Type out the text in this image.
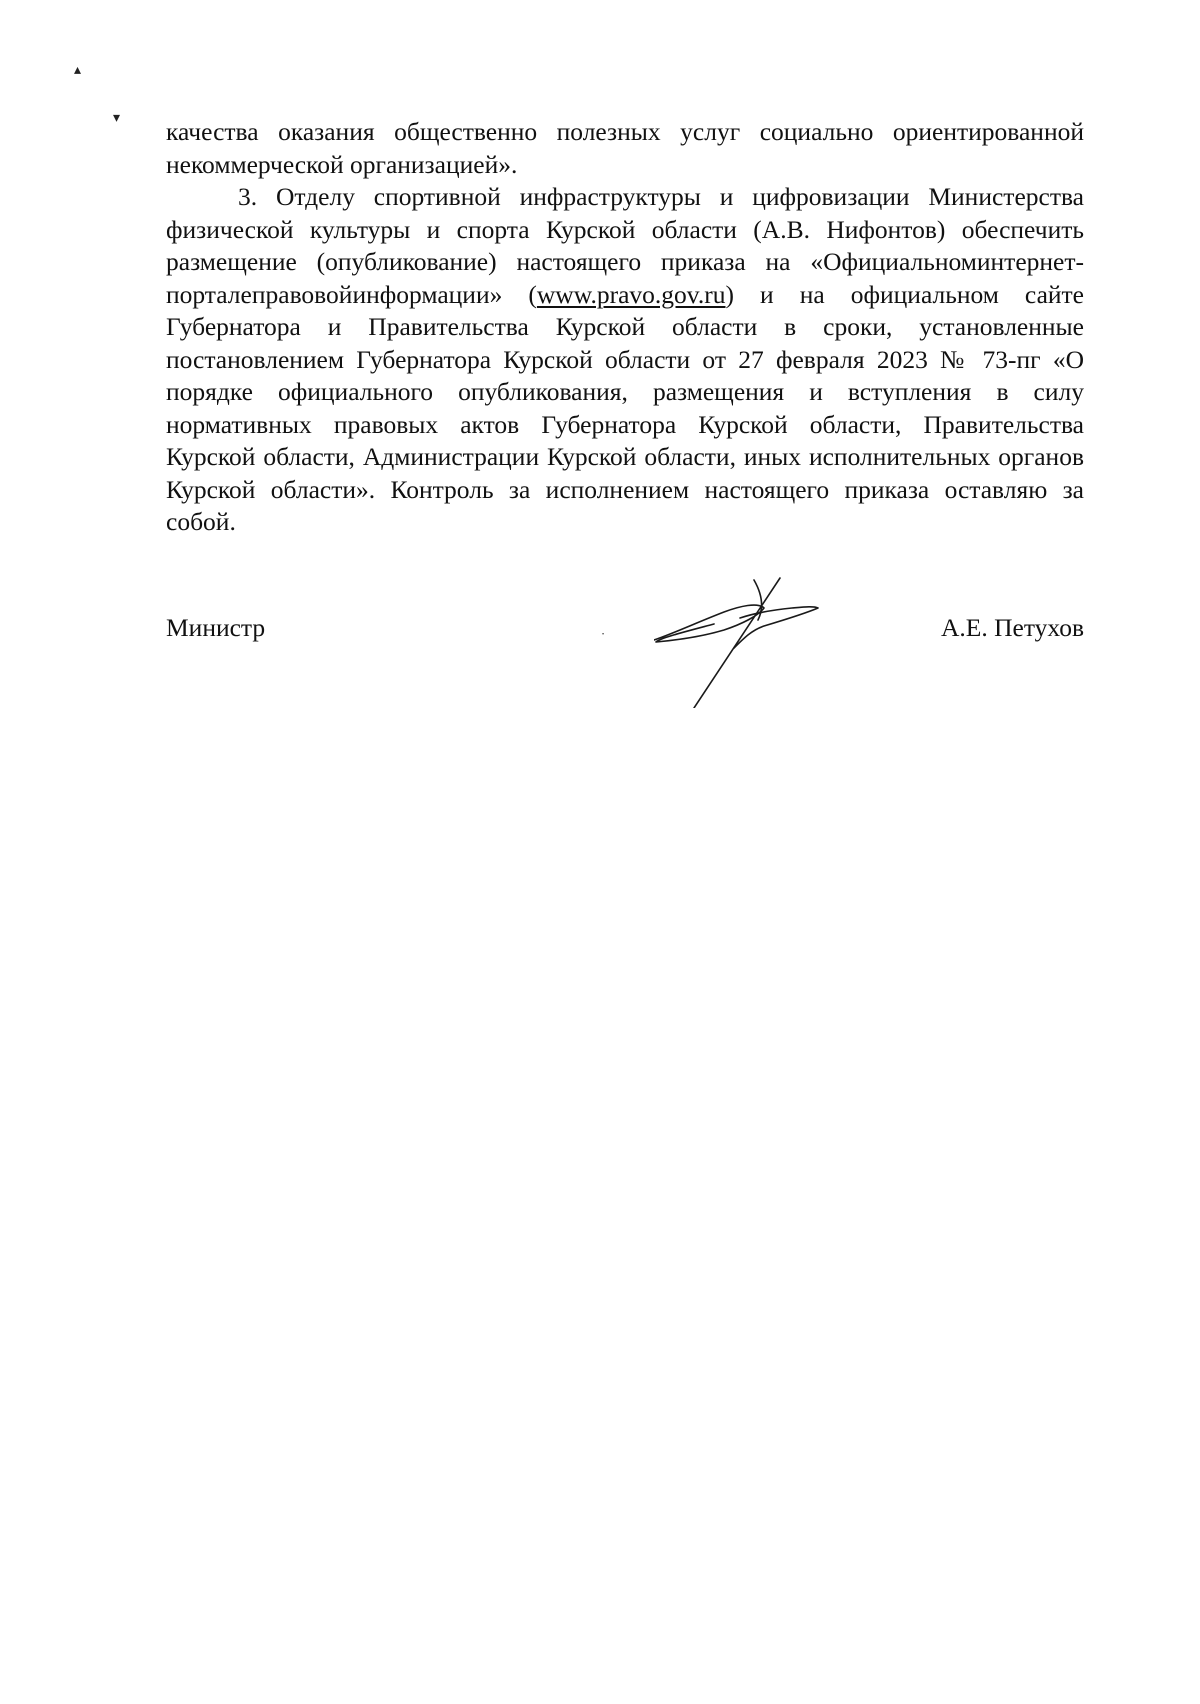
▴
▾ качества оказания общественно полезных услуг социально ориентированной некоммерческой организацией».

3. Отделу спортивной инфраструктуры и цифровизации Министерства физической культуры и спорта Курской области (А.В. Нифонтов) обеспечить размещение (опубликование) настоящего приказа на «Официальноминтернет-порталеправовойинформации» (www.pravo.gov.ru) и на официальном сайте Губернатора и Правительства Курской области в сроки, установленные постановлением Губернатора Курской области от 27 февраля 2023 № 73-пг «О порядке официального опубликования, размещения и вступления в силу нормативных правовых актов Губернатора Курской области, Правительства Курской области, Администрации Курской области, иных исполнительных органов Курской области». Контроль за исполнением настоящего приказа оставляю за собой.

Министр	А.Е. Петухов
•
